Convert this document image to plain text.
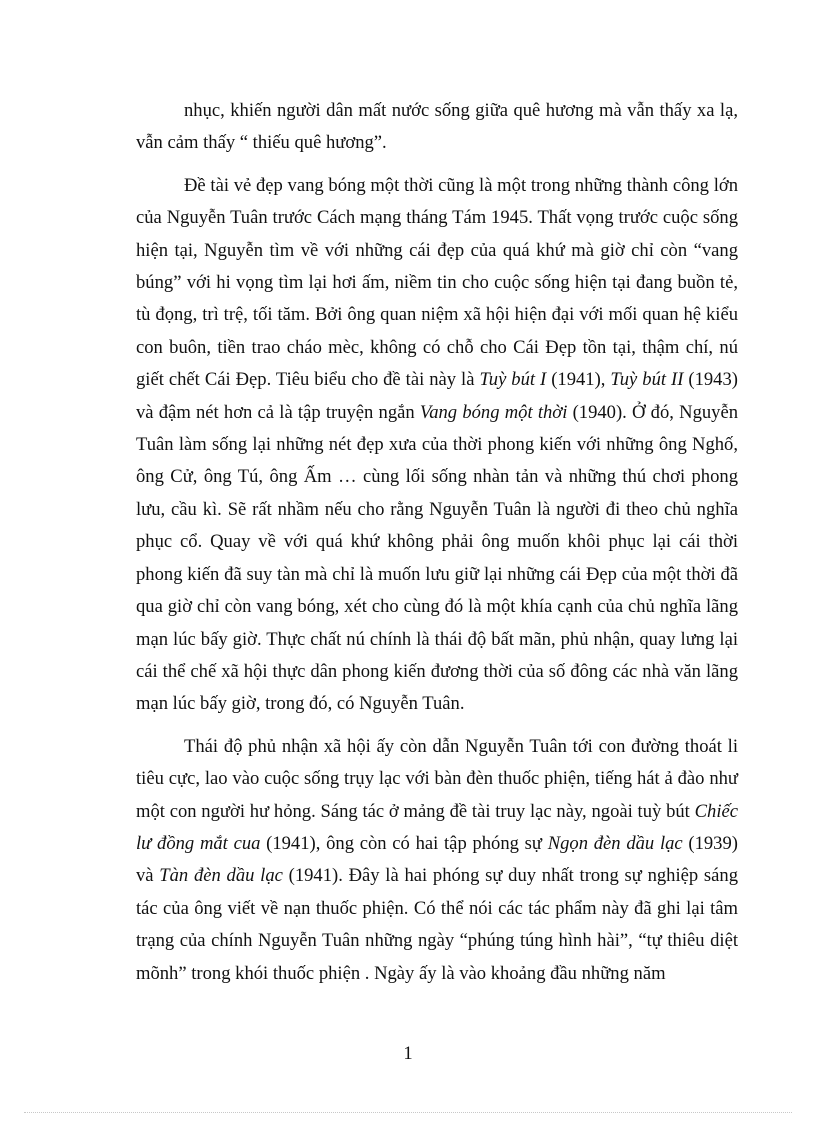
nhục, khiến người dân mất nước sống giữa quê hương mà vẫn thấy xa lạ, vẫn cảm thấy “ thiếu quê hương”.

Đề tài vẻ đẹp vang bóng một thời cũng là một trong những thành công lớn của Nguyễn Tuân trước Cách mạng tháng Tám 1945. Thất vọng trước cuộc sống hiện tại, Nguyễn tìm về với những cái đẹp của quá khứ mà giờ chỉ còn “vang búng” với hi vọng tìm lại hơi ấm, niềm tin cho cuộc sống hiện tại đang buồn tẻ, tù đọng, trì trệ, tối tăm. Bởi ông quan niệm xã hội hiện đại với mối quan hệ kiểu con buôn, tiền trao cháo mèc, không có chỗ cho Cái Đẹp tồn tại, thậm chí, nú giết chết Cái Đẹp. Tiêu biểu cho đề tài này là Tuỳ bút I (1941), Tuỳ bút II (1943) và đậm nét hơn cả là tập truyện ngắn Vang bóng một thời (1940). Ở đó, Nguyễn Tuân làm sống lại những nét đẹp xưa của thời phong kiến với những ông Nghố, ông Cử, ông Tú, ông Ấm … cùng lối sống nhàn tản và những thú chơi phong lưu, cầu kì. Sẽ rất nhầm nếu cho rằng Nguyễn Tuân là người đi theo chủ nghĩa phục cổ. Quay về với quá khứ không phải ông muốn khôi phục lại cái thời phong kiến đã suy tàn mà chỉ là muốn lưu giữ lại những cái Đẹp của một thời đã qua giờ chỉ còn vang bóng, xét cho cùng đó là một khía cạnh của chủ nghĩa lãng mạn lúc bấy giờ. Thực chất nú chính là thái độ bất mãn, phủ nhận, quay lưng lại cái thể chế xã hội thực dân phong kiến đương thời của số đông các nhà văn lãng mạn lúc bấy giờ, trong đó, có Nguyễn Tuân.

Thái độ phủ nhận xã hội ấy còn dẫn Nguyễn Tuân tới con đường thoát li tiêu cực, lao vào cuộc sống trụy lạc với bàn đèn thuốc phiện, tiếng hát ả đào như một con người hư hỏng. Sáng tác ở mảng đề tài truy lạc này, ngoài tuỳ bút Chiếc lư đồng mắt cua (1941), ông còn có hai tập phóng sự Ngọn đèn dầu lạc (1939) và Tàn đèn dầu lạc (1941). Đây là hai phóng sự duy nhất trong sự nghiệp sáng tác của ông viết về nạn thuốc phiện. Có thể nói các tác phẩm này đã ghi lại tâm trạng của chính Nguyễn Tuân những ngày “phúng túng hình hài”, “tự thiêu diệt mõnh” trong khói thuốc phiện . Ngày ấy là vào khoảng đầu những năm

1
